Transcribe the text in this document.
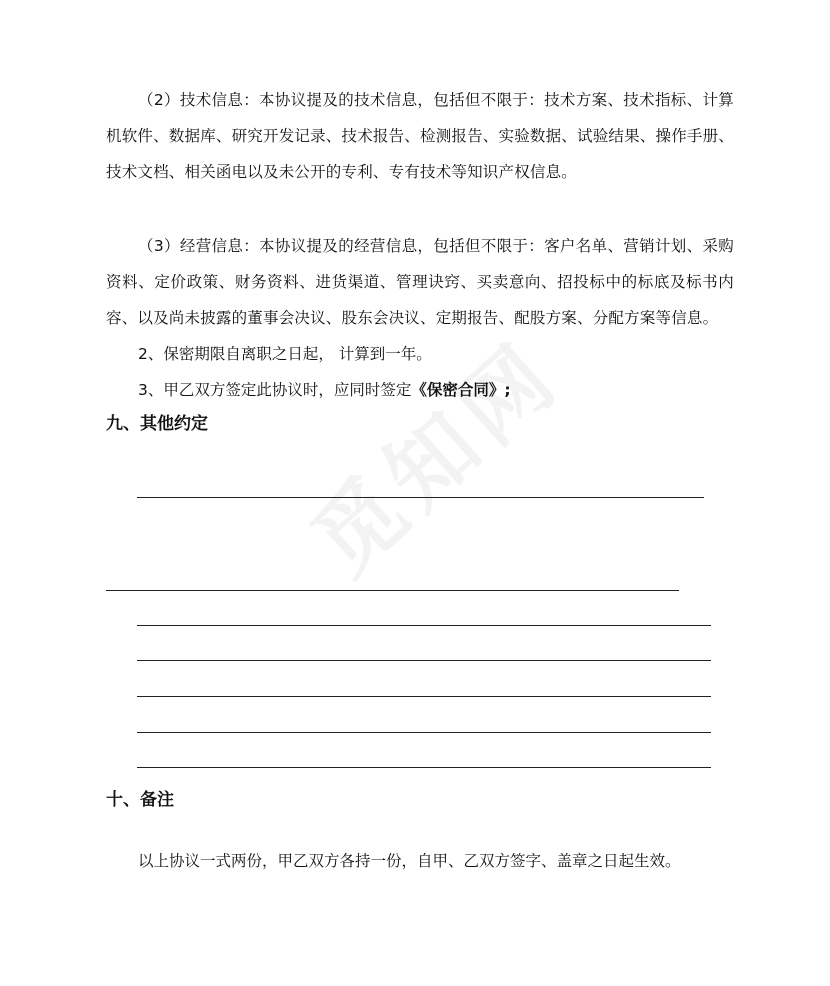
（2）技术信息：本协议提及的技术信息，包括但不限于：技术方案、技术指标、计算机软件、数据库、研究开发记录、技术报告、检测报告、实验数据、试验结果、操作手册、技术文档、相关函电以及未公开的专利、专有技术等知识产权信息。
（3）经营信息：本协议提及的经营信息，包括但不限于：客户名单、营销计划、采购资料、定价政策、财务资料、进货渠道、管理诀窍、买卖意向、招投标中的标底及标书内容、以及尚未披露的董事会决议、股东会决议、定期报告、配股方案、分配方案等信息。
2、保密期限自离职之日起， 计算到一年。
3、甲乙双方签定此协议时，应同时签定《保密合同》;
九、其他约定
十、备注
以上协议一式两份，甲乙双方各持一份，自甲、乙双方签字、盖章之日起生效。
